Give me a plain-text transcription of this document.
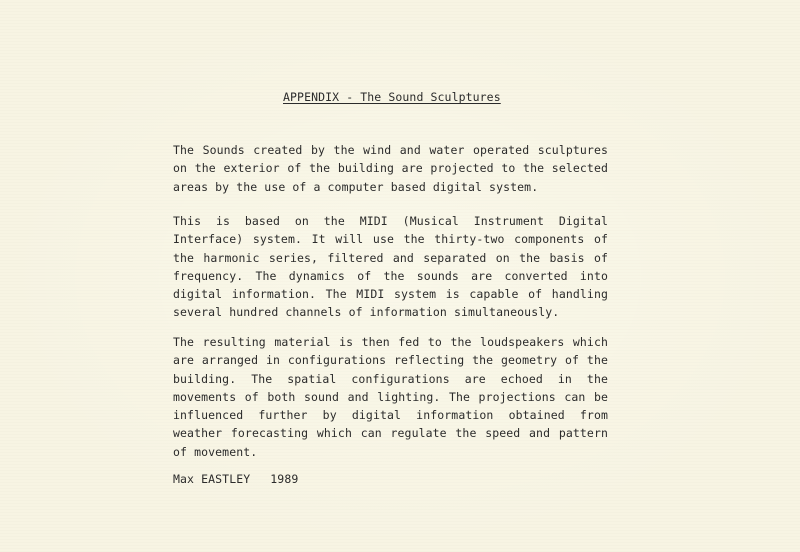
APPENDIX - The Sound Sculptures
The Sounds created by the wind and water operated sculptures on the exterior of the building are projected to the selected areas by the use of a computer based digital system.
This is based on the MIDI (Musical Instrument Digital Interface) system. It will use the thirty-two components of the harmonic series, filtered and separated on the basis of frequency. The dynamics of the sounds are converted into digital information. The MIDI system is capable of handling several hundred channels of information simultaneously.
The resulting material is then fed to the loudspeakers which are arranged in configurations reflecting the geometry of the building. The spatial configurations are echoed in the movements of both sound and lighting. The projections can be influenced further by digital information obtained from weather forecasting which can regulate the speed and pattern of movement.
Max EASTLEY 1989
